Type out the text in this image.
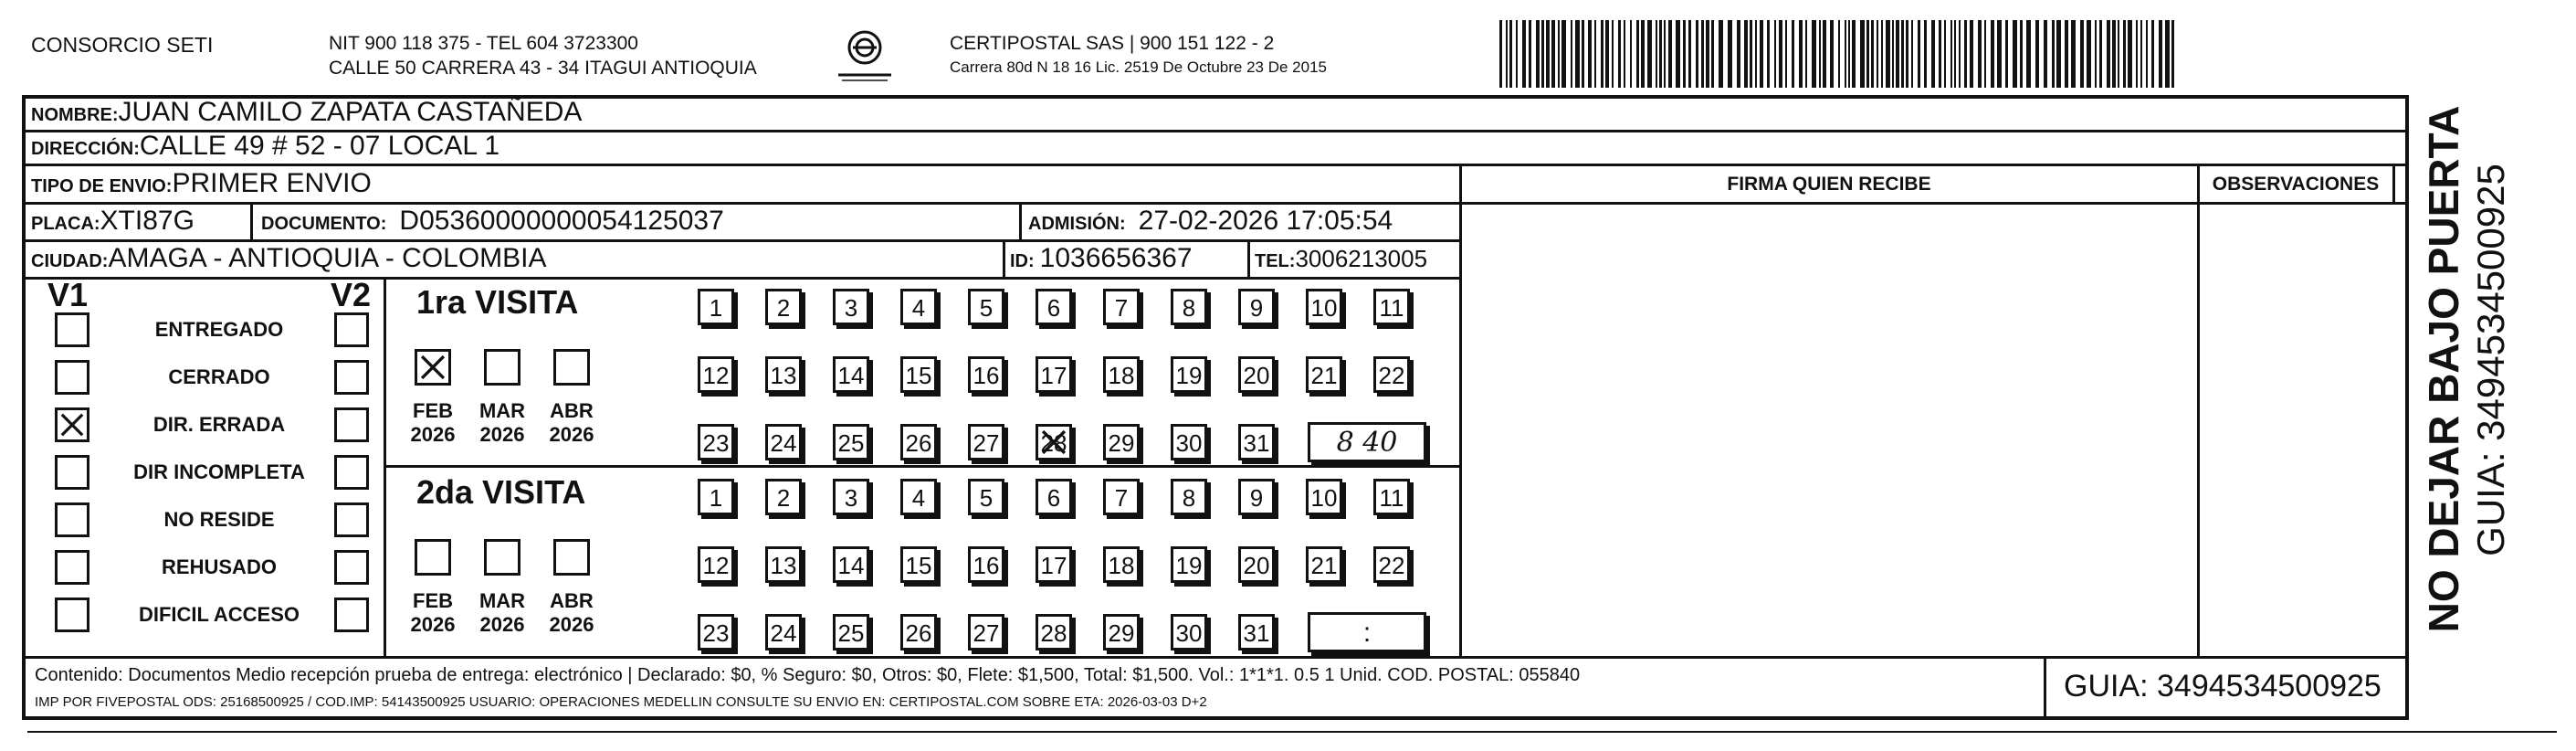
CONSORCIO SETI	NIT 900 118 375 - TEL 604 3723300
CALLE 50 CARRERA 43 - 34 ITAGUI ANTIOQUIA
CERTIPOSTAL SAS | 900 151 122 - 2
Carrera 80d N 18 16 Lic. 2519 De Octubre 23 De 2015
NOMBRE:JUAN CAMILO ZAPATA CASTAÑEDA
DIRECCIÓN:CALLE 49 # 52 - 07 LOCAL 1
TIPO DE ENVIO:PRIMER ENVIO
PLACA:XTI87G	DOCUMENTO: D05360000000054125037	ADMISIÓN: 27-02-2026 17:05:54
CIUDAD:AMAGA - ANTIOQUIA - COLOMBIA	ID: 1036656367	TEL:3006213005
FIRMA QUIEN RECIBE	OBSERVACIONES
V1	V2
ENTREGADO
CERRADO
DIR. ERRADA
DIR INCOMPLETA
NO RESIDE
REHUSADO
DIFICIL ACCESO
1ra VISITA
FEB
2026
MAR
2026
ABR
2026
1	2	3	4	5	6	7	8	9	10 11
12 13 14 15 16 17 18 19 20 21 22
23 24 25 26 27 28 29 30 31	8 40
2da VISITA
FEB
2026
MAR
2026
ABR
2026
1	2	3	4	5	6	7	8	9	10 11
12 13 14 15 16 17 18 19 20 21 22
23 24 25 26 27 28 29 30 31	:
Contenido: Documentos Medio recepción prueba de entrega: electrónico | Declarado: $0, % Seguro: $0, Otros: $0, Flete: $1,500, Total: $1,500. Vol.: 1*1*1. 0.5 1 Unid. COD. POSTAL: 055840
IMP POR FIVEPOSTAL ODS: 25168500925 / COD.IMP: 54143500925 USUARIO: OPERACIONES MEDELLIN CONSULTE SU ENVIO EN: CERTIPOSTAL.COM SOBRE ETA: 2026-03-03 D+2	GUIA: 3494534500925
NO DEJAR BAJO PUERTA GUIA: 3494534500925
